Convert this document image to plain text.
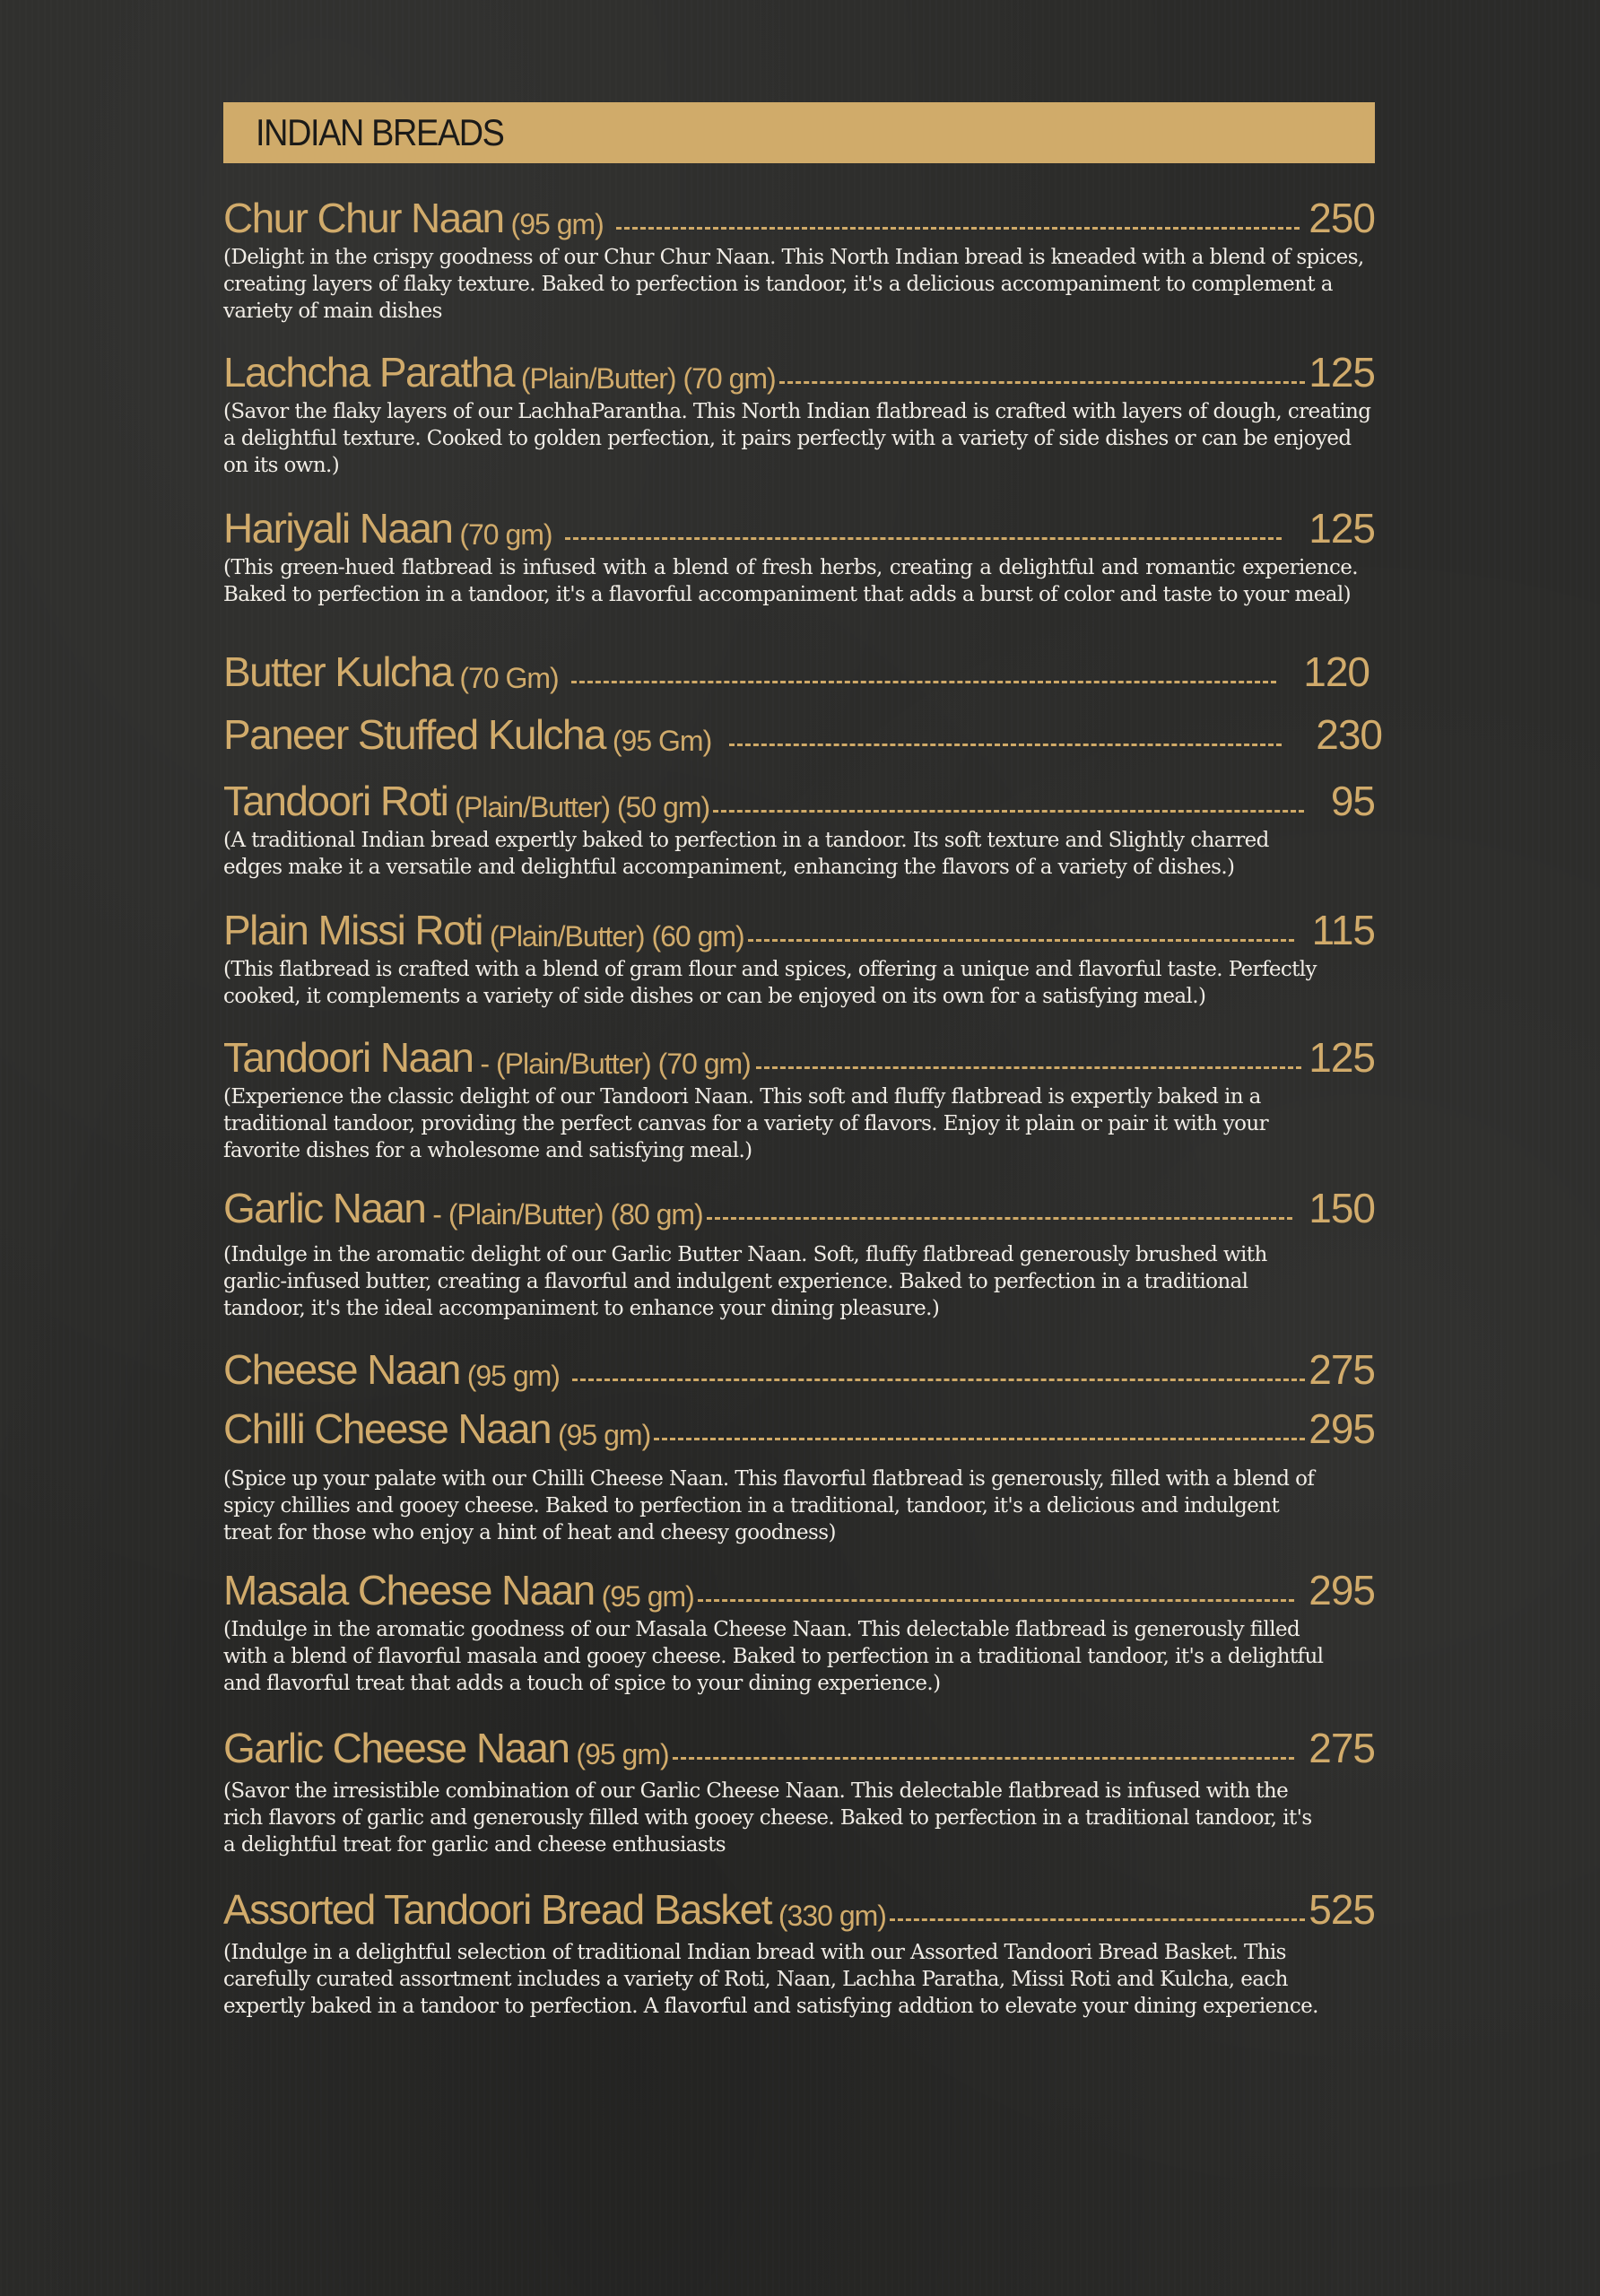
INDIAN BREADS
Chur Chur Naan (95 gm)	250
(Delight in the crispy goodness of our Chur Chur Naan. This North Indian bread is kneaded with a blend of spices, creating layers of flaky texture. Baked to perfection is tandoor, it's a delicious accompaniment to complement a variety of main dishes
Lachcha Paratha (Plain/Butter) (70 gm)	125
(Savor the flaky layers of our LachhaParantha. This North Indian flatbread is crafted with layers of dough, creating a delightful texture. Cooked to golden perfection, it pairs perfectly with a variety of side dishes or can be enjoyed on its own.)
Hariyali Naan (70 gm)	125
(This green-hued flatbread is infused with a blend of fresh herbs, creating a delightful and romantic experience. Baked to perfection in a tandoor, it's a flavorful accompaniment that adds a burst of color and taste to your meal)
Butter Kulcha (70 Gm)	120
Paneer Stuffed Kulcha (95 Gm)	230
Tandoori Roti (Plain/Butter) (50 gm)	95
(A traditional Indian bread expertly baked to perfection in a tandoor. Its soft texture and Slightly charred edges make it a versatile and delightful accompaniment, enhancing the flavors of a variety of dishes.)
Plain Missi Roti (Plain/Butter) (60 gm)	115
(This flatbread is crafted with a blend of gram flour and spices, offering a unique and flavorful taste. Perfectly cooked, it complements a variety of side dishes or can be enjoyed on its own for a satisfying meal.)
Tandoori Naan - (Plain/Butter) (70 gm)	125
(Experience the classic delight of our Tandoori Naan. This soft and fluffy flatbread is expertly baked in a traditional tandoor, providing the perfect canvas for a variety of flavors. Enjoy it plain or pair it with your favorite dishes for a wholesome and satisfying meal.)
Garlic Naan - (Plain/Butter) (80 gm)	150
(Indulge in the aromatic delight of our Garlic Butter Naan. Soft, fluffy flatbread generously brushed with garlic-infused butter, creating a flavorful and indulgent experience. Baked to perfection in a traditional tandoor, it's the ideal accompaniment to enhance your dining pleasure.)
Cheese Naan (95 gm)	275
Chilli Cheese Naan (95 gm)	295
(Spice up your palate with our Chilli Cheese Naan. This flavorful flatbread is generously, filled with a blend of spicy chillies and gooey cheese. Baked to perfection in a traditional, tandoor, it's a delicious and indulgent treat for those who enjoy a hint of heat and cheesy goodness)
Masala Cheese Naan (95 gm)	295
(Indulge in the aromatic goodness of our Masala Cheese Naan. This delectable flatbread is generously filled with a blend of flavorful masala and gooey cheese. Baked to perfection in a traditional tandoor, it's a delightful and flavorful treat that adds a touch of spice to your dining experience.)
Garlic Cheese Naan (95 gm)	275
(Savor the irresistible combination of our Garlic Cheese Naan. This delectable flatbread is infused with the rich flavors of garlic and generously filled with gooey cheese. Baked to perfection in a traditional tandoor, it's a delightful treat for garlic and cheese enthusiasts
Assorted Tandoori Bread Basket (330 gm)	525
(Indulge in a delightful selection of traditional Indian bread with our Assorted Tandoori Bread Basket. This carefully curated assortment includes a variety of Roti, Naan, Lachha Paratha, Missi Roti and Kulcha, each expertly baked in a tandoor to perfection. A flavorful and satisfying addtion to elevate your dining experience.
